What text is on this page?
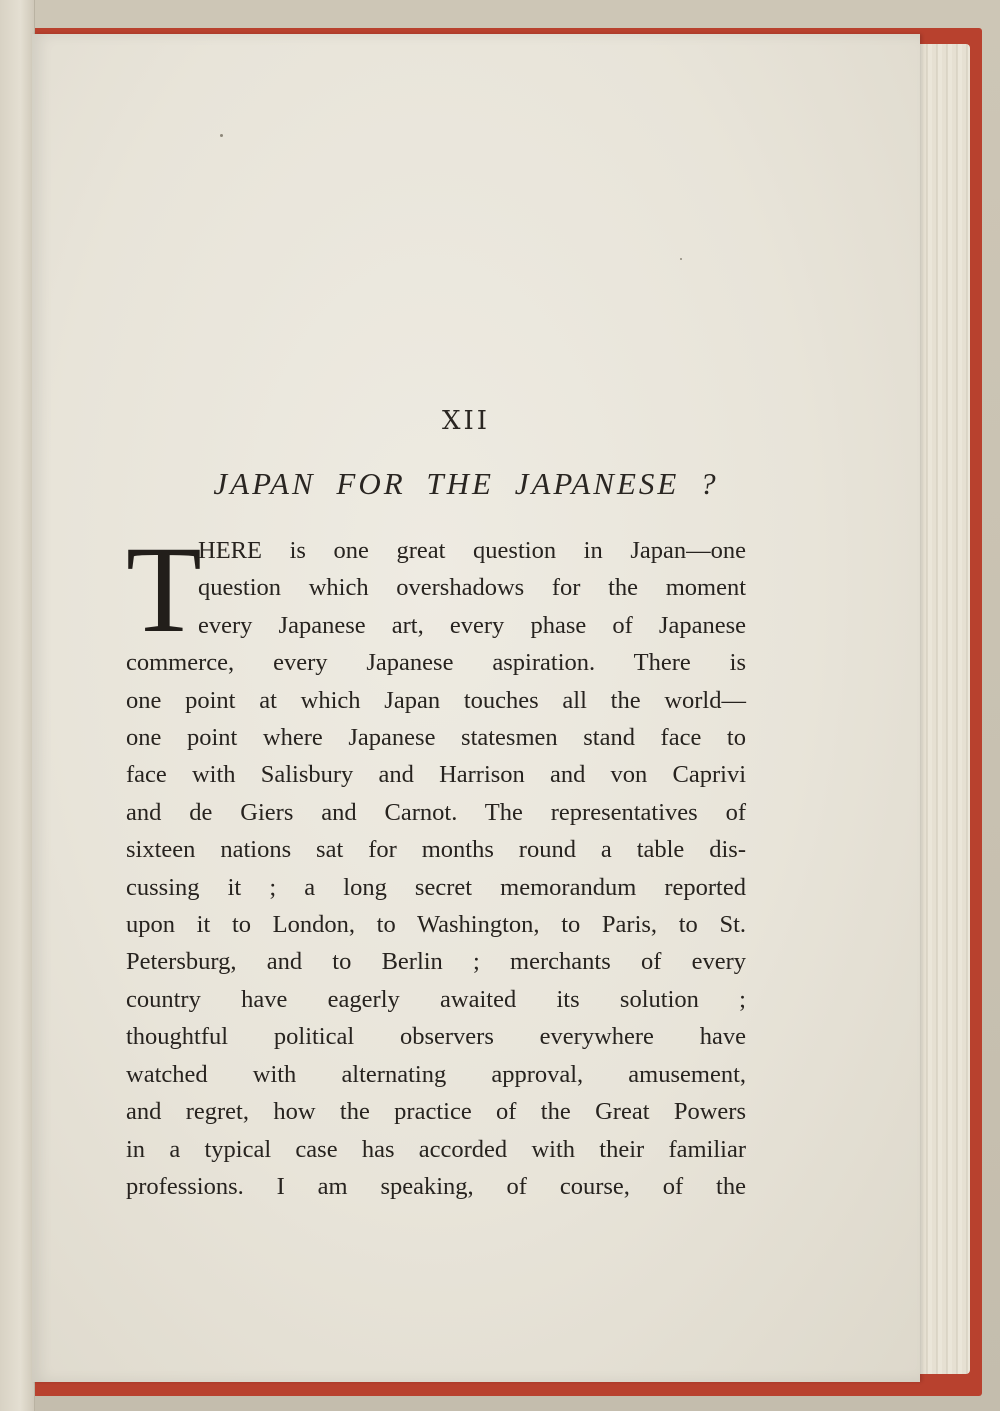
XII
JAPAN FOR THE JAPANESE ?
T
HERE is one great question in Japan—one
question which overshadows for the moment
every Japanese art, every phase of Japanese
commerce, every Japanese aspiration. There is
one point at which Japan touches all the world—
one point where Japanese statesmen stand face to
face with Salisbury and Harrison and von Caprivi
and de Giers and Carnot. The representatives of
sixteen nations sat for months round a table dis-
cussing it ; a long secret memorandum reported
upon it to London, to Washington, to Paris, to St.
Petersburg, and to Berlin ; merchants of every
country have eagerly awaited its solution ;
thoughtful political observers everywhere have
watched with alternating approval, amusement,
and regret, how the practice of the Great Powers
in a typical case has accorded with their familiar
professions. I am speaking, of course, of the
